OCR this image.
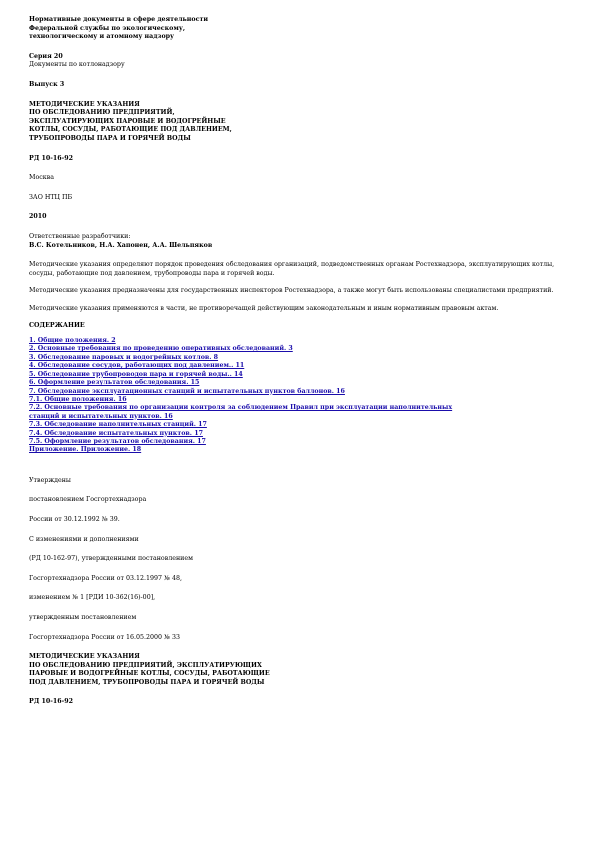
Нормативные документы в сфере деятельности

Федеральной службы по экологическому,

технологическому и атомному надзору

Серия 20

Документы по котлонадзору

Выпуск 3

МЕТОДИЧЕСКИЕ УКАЗАНИЯ

ПО ОБСЛЕДОВАНИЮ ПРЕДПРИЯТИЙ,

ЭКСПЛУАТИРУЮЩИХ ПАРОВЫЕ И ВОДОГРЕЙНЫЕ

КОТЛЫ, СОСУДЫ, РАБОТАЮЩИЕ ПОД ДАВЛЕНИЕМ,

ТРУБОПРОВОДЫ ПАРА И ГОРЯЧЕЙ ВОДЫ

РД 10-16-92

Москва

ЗАО НТЦ ПБ

2010

Ответственные разработчики:

В.С. Котельников, Н.А. Хапонен, А.А. Шельпяков

Методические указания определяют порядок проведения обследования организаций, подведомственных органам Ростехнадзора, эксплуатирующих котлы, сосуды, работающие под давлением, трубопроводы пара и горячей воды.

Методические указания предназначены для государственных инспекторов Ростехнадзора, а также могут быть использованы специалистами предприятий.

Методические указания применяются в части, не противоречащей действующим законодательным и иным нормативным правовым актам.

СОДЕРЖАНИЕ

1. Общие положения. 2
2. Основные требования по проведению оперативных обследований. 3
3. Обследование паровых и водогрейных котлов. 8
4. Обследование сосудов, работающих под давлением.. 11
5. Обследование трубопроводов пара и горячей воды.. 14
6. Оформление результатов обследования. 15
7. Обследование эксплуатационных станций и испытательных пунктов баллонов. 16
7.1. Общие положения. 16
7.2. Основные требования по организации контроля за соблюдением Правил при эксплуатации наполнительных
станций и испытательных пунктов. 16
7.3. Обследование наполнительных станций. 17
7.4. Обследование испытательных пунктов. 17
7.5. Оформление результатов обследования. 17
Приложение. Приложение. 18

Утверждены

постановлением Госгортехнадзора

России от 30.12.1992 № 39.

С изменениями и дополнениями

(РД 10-162-97), утвержденными постановлением

Госгортехнадзора России от 03.12.1997 № 48,

изменением № 1 [РДИ 10-362(16)-00],

утвержденным постановлением

Госгортехнадзора России от 16.05.2000 № 33

МЕТОДИЧЕСКИЕ УКАЗАНИЯ

ПО ОБСЛЕДОВАНИЮ ПРЕДПРИЯТИЙ, ЭКСПЛУАТИРУЮЩИХ

ПАРОВЫЕ И ВОДОГРЕЙНЫЕ КОТЛЫ, СОСУДЫ, РАБОТАЮЩИЕ

ПОД ДАВЛЕНИЕМ, ТРУБОПРОВОДЫ ПАРА И ГОРЯЧЕЙ ВОДЫ

РД 10-16-92
